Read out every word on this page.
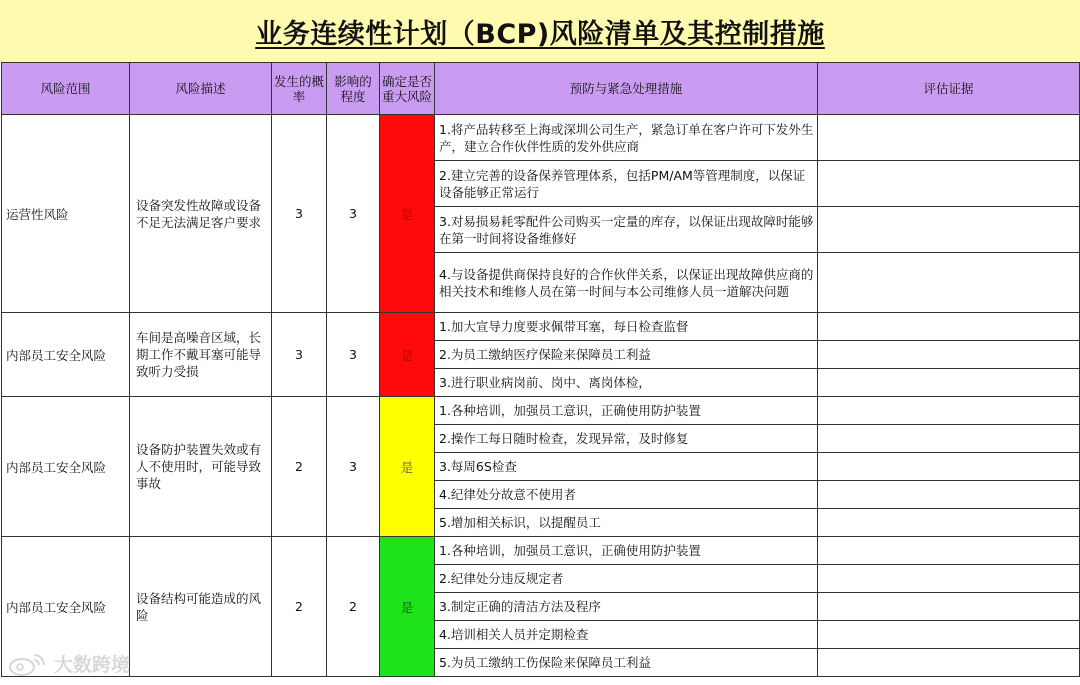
业务连续性计划（BCP)风险清单及其控制措施
风险范围	风险描述	发生的概率	影响的程度	确定是否重大风险	预防与紧急处理措施	评估证据
运营性风险	设备突发性故障或设备不足无法满足客户要求	3	3	是	1.将产品转移至上海或深圳公司生产，紧急订单在客户许可下发外生产，建立合作伙伴性质的发外供应商	
					2.建立完善的设备保养管理体系，包括PM/AM等管理制度，以保证设备能够正常运行	
					3.对易损易耗零配件公司购买一定量的库存，以保证出现故障时能够在第一时间将设备维修好	
					4.与设备提供商保持良好的合作伙伴关系，以保证出现故障供应商的相关技术和维修人员在第一时间与本公司维修人员一道解决问题	
内部员工安全风险	车间是高噪音区域，长期工作不戴耳塞可能导致听力受损	3	3	是	1.加大宣导力度要求佩带耳塞，每日检查监督	
					2.为员工缴纳医疗保险来保障员工利益	
					3.进行职业病岗前、岗中、离岗体检，	
内部员工安全风险	设备防护装置失效或有人不使用时，可能导致事故	2	3	是	1.各种培训，加强员工意识，正确使用防护装置	
					2.操作工每日随时检查，发现异常，及时修复	
					3.每周6S检查	
					4.纪律处分故意不使用者	
					5.增加相关标识，以提醒员工	
内部员工安全风险	设备结构可能造成的风险	2	2	是	1.各种培训，加强员工意识，正确使用防护装置	
					2.纪律处分违反规定者	
					3.制定正确的清洁方法及程序	
					4.培训相关人员并定期检查	
					5.为员工缴纳工伤保险来保障员工利益	
大数跨境
